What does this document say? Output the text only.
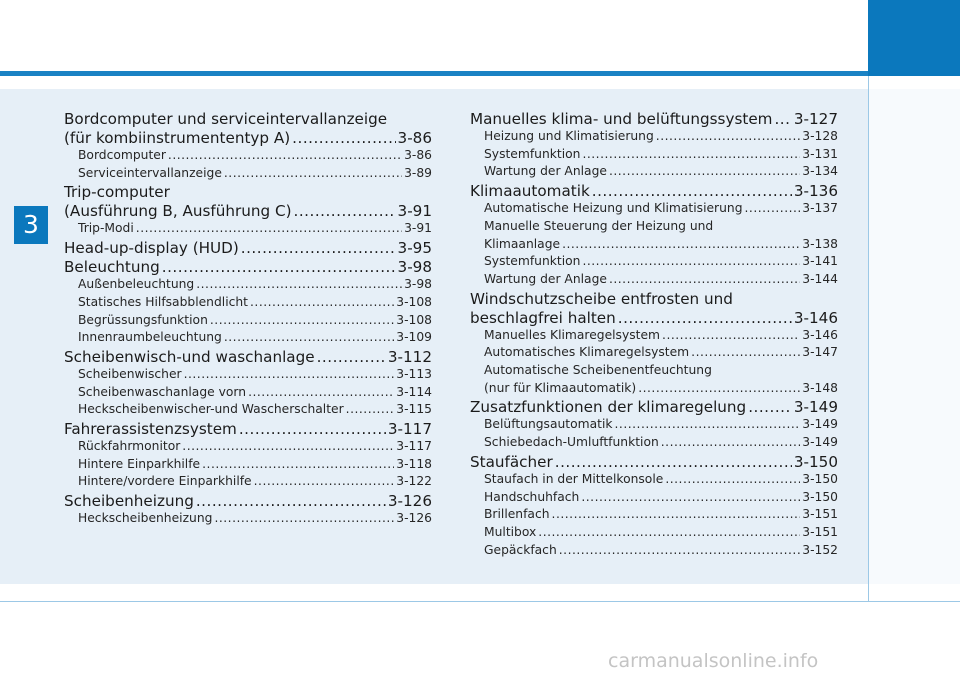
3
Bordcomputer und serviceintervallanzeige
(für kombiinstrumententyp A) .....	3-86
Bordcomputer .....	3-86
Serviceintervallanzeige .....	3-89
Trip-computer
(Ausführung B, Ausführung C) .....	3-91
Trip-Modi .....	3-91
Head-up-display (HUD) .....	3-95
Beleuchtung .....	3-98
Außenbeleuchtung .....	3-98
Statisches Hilfsabblendlicht .....	3-108
Begrüssungsfunktion .....	3-108
Innenraumbeleuchtung .....	3-109
Scheibenwisch-und waschanlage .....	3-112
Scheibenwischer .....	3-113
Scheibenwaschanlage vorn .....	3-114
Heckscheibenwischer-und Wascherschalter .....	3-115
Fahrerassistenzsystem .....	3-117
Rückfahrmonitor .....	3-117
Hintere Einparkhilfe .....	3-118
Hintere/vordere Einparkhilfe .....	3-122
Scheibenheizung .....	3-126
Heckscheibenheizung .....	3-126
Manuelles klima- und belüftungssystem ..... 3-127
Heizung und Klimatisierung .....	3-128
Systemfunktion .....	3-131
Wartung der Anlage .....	3-134
Klimaautomatik .....	3-136
Automatische Heizung und Klimatisierung .....	3-137
Manuelle Steuerung der Heizung und
Klimaanlage .....	3-138
Systemfunktion .....	3-141
Wartung der Anlage .....	3-144
Windschutzscheibe entfrosten und
beschlagfrei halten .....	3-146
Manuelles Klimaregelsystem .....	3-146
Automatisches Klimaregelsystem .....	3-147
Automatische Scheibenentfeuchtung
(nur für Klimaautomatik) .....	3-148
Zusatzfunktionen der klimaregelung .....	3-149
Belüftungsautomatik .....	3-149
Schiebedach-Umluftfunktion .....	3-149
Staufächer .....	3-150
Staufach in der Mittelkonsole .....	3-150
Handschuhfach .....	3-150
Brillenfach .....	3-151
Multibox .....	3-151
Gepäckfach .....	3-152
carmanualsonline.info
